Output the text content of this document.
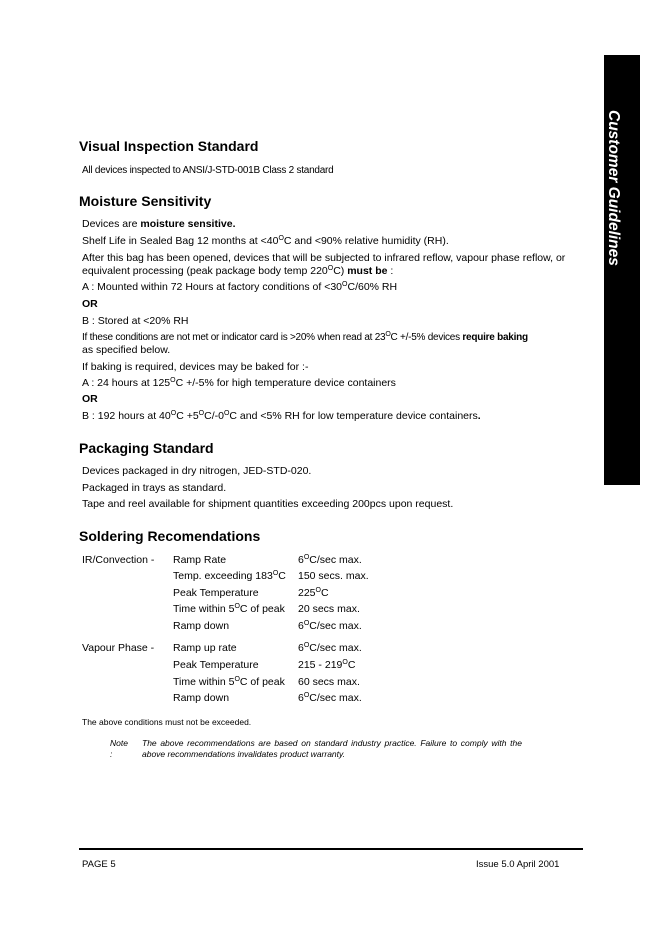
Customer Guidelines
Visual Inspection Standard

All devices inspected to ANSI/J-STD-001B Class 2 standard

Moisture Sensitivity

Devices are moisture sensitive.

Shelf Life in Sealed Bag 12 months at $<40^OC$ and <90% relative humidity (RH).

After this bag has been opened, devices that will be subjected to infrared reflow, vapour phase reflow, or

equivalent processing (peak package body temp $220^OC$) must be :

A : Mounted within 72 Hours at factory conditions of $<30^OC/60\%$ RH

OR

B : Stored at <20% RH

If these conditions are not met or indicator card is >20% when read at $23^OC +/-5\%$ devices require baking

as specified below.

If baking is required, devices may be baked for :-

A : 24 hours at $125^OC +/-5\%$ for high temperature device containers

OR

B : 192 hours at $40^OC +5^OC/-0^OC$ and <5% RH for low temperature device containers.

Packaging Standard

Devices packaged in dry nitrogen, JED-STD-020.

Packaged in trays as standard.

Tape and reel available for shipment quantities exceeding 200pcs upon request.

Soldering Recomendations
IR/Convection - Ramp Rate	$6^OC/\sec$ max.
Temp. exceeding $183^OC$ 150 secs. max.
Peak Temperature	$225^OC$
Time within $5^OC$ of peak 20 secs max.
Ramp down	$6^OC/\sec$ max.
Vapour Phase - Ramp up rate	$6^OC/\sec$ max.
Peak Temperature	$215 - 219^OC$
Time within $5^OC$ of peak 60 secs max.
Ramp down	$6^OC/\sec$ max.

The above conditions must not be exceeded.

Note :
The above recommendations are based on standard industry practice. Failure to comply with the above recommendations invalidates product warranty.
PAGE 5	Issue 5.0 April 2001
